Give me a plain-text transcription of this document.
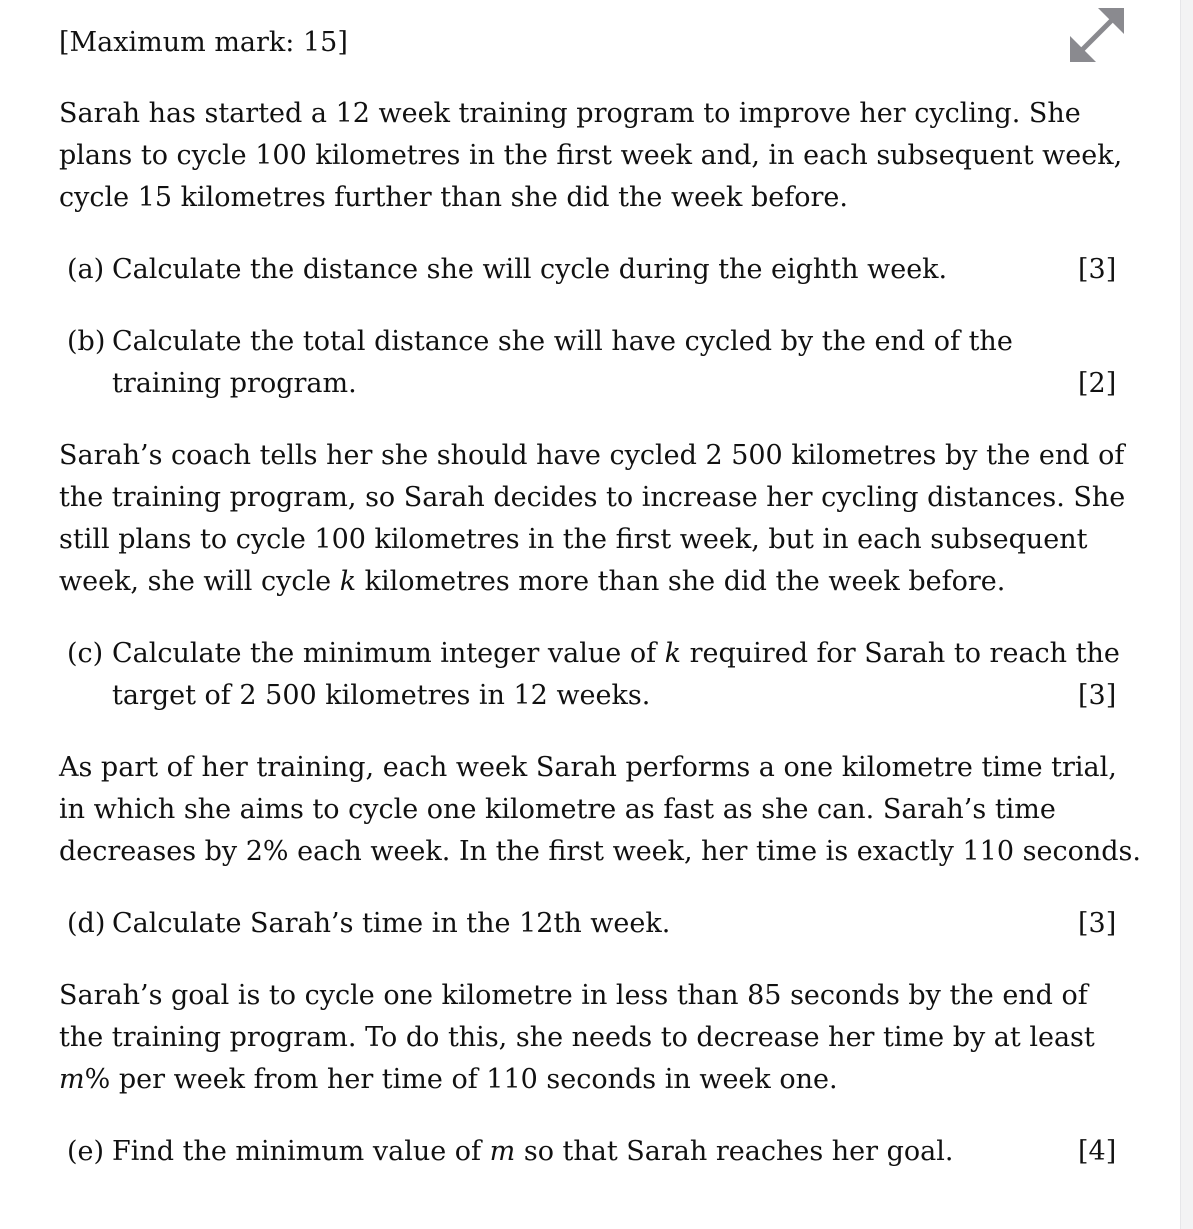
[Maximum mark: 15]
Sarah has started a 12 week training program to improve her cycling. She
plans to cycle 100 kilometres in the first week and, in each subsequent week,
cycle 15 kilometres further than she did the week before.
(a) Calculate the distance she will cycle during the eighth week.	[3]
(b) Calculate the total distance she will have cycled by the end of the
training program.	[2]
Sarah’s coach tells her she should have cycled 2 500 kilometres by the end of
the training program, so Sarah decides to increase her cycling distances. She
still plans to cycle 100 kilometres in the first week, but in each subsequent
week, she will cycle k kilometres more than she did the week before.
(c) Calculate the minimum integer value of k required for Sarah to reach the
target of 2 500 kilometres in 12 weeks.	[3]
As part of her training, each week Sarah performs a one kilometre time trial,
in which she aims to cycle one kilometre as fast as she can. Sarah’s time
decreases by 2% each week. In the first week, her time is exactly 110 seconds.
(d) Calculate Sarah’s time in the 12th week.	[3]
Sarah’s goal is to cycle one kilometre in less than 85 seconds by the end of
the training program. To do this, she needs to decrease her time by at least
m% per week from her time of 110 seconds in week one.
(e) Find the minimum value of m so that Sarah reaches her goal.	[4]
